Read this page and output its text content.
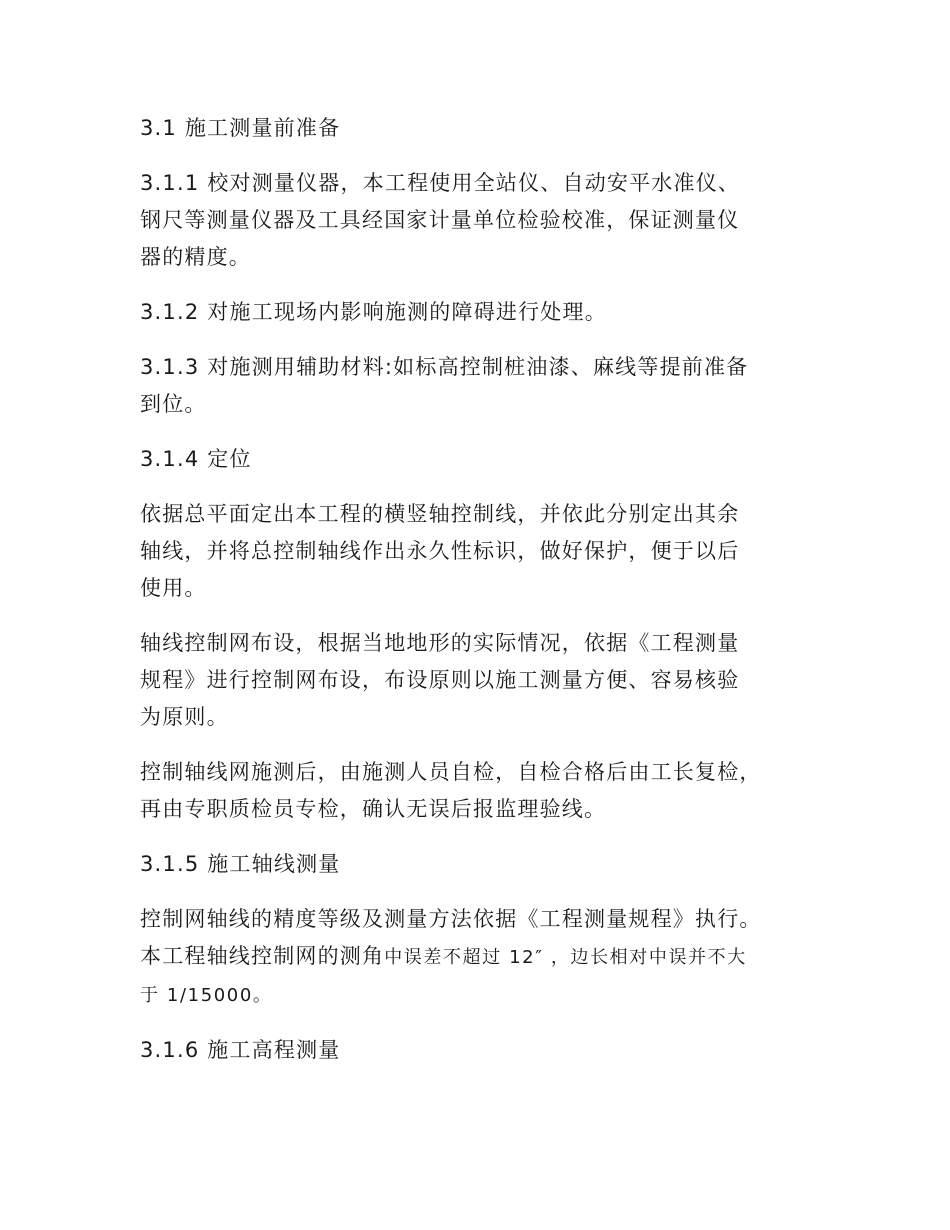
3.1 施工测量前准备

3.1.1 校对测量仪器，本工程使用全站仪、自动安平水准仪、
钢尺等测量仪器及工具经国家计量单位检验校准，保证测量仪
器的精度。

3.1.2 对施工现场内影响施测的障碍进行处理。

3.1.3 对施测用辅助材料:如标高控制桩油漆、麻线等提前准备
到位。

3.1.4 定位

依据总平面定出本工程的横竖轴控制线，并依此分别定出其余
轴线，并将总控制轴线作出永久性标识，做好保护，便于以后
使用。

轴线控制网布设，根据当地地形的实际情况，依据《工程测量
规程》进行控制网布设，布设原则以施工测量方便、容易核验
为原则。

控制轴线网施测后，由施测人员自检，自检合格后由工长复检，
再由专职质检员专检，确认无误后报监理验线。

3.1.5 施工轴线测量

控制网轴线的精度等级及测量方法依据《工程测量规程》执行。
本工程轴线控制网的测角中误差不超过 12″ ，边长相对中误并不大
于 1/15000。

3.1.6 施工高程测量
